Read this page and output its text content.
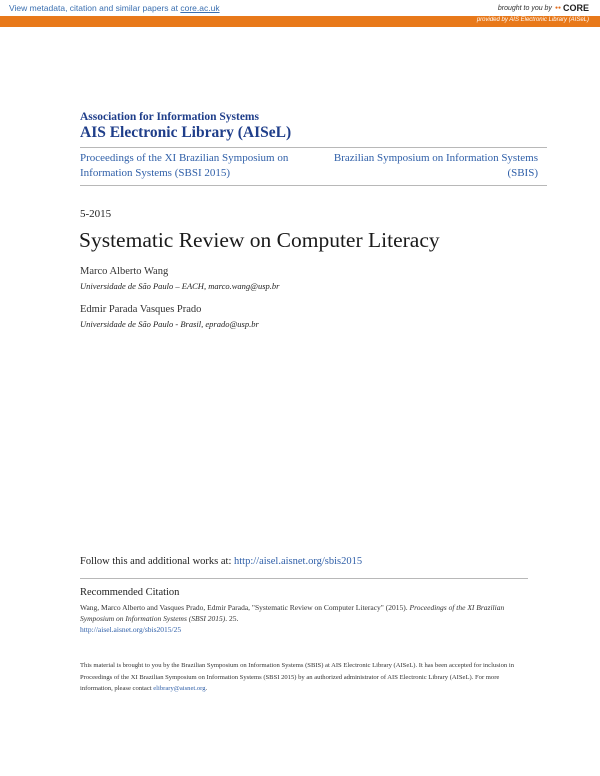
View metadata, citation and similar papers at core.ac.uk	brought to you by ●● CORE
provided by AIS Electronic Library (AISeL)
Association for Information Systems
AIS Electronic Library (AISeL)
Proceedings of the XI Brazilian Symposium on Information Systems (SBSI 2015)
Brazilian Symposium on Information Systems (SBIS)
5-2015
Systematic Review on Computer Literacy
Marco Alberto Wang
Universidade de São Paulo – EACH, marco.wang@usp.br
Edmir Parada Vasques Prado
Universidade de São Paulo - Brasil, eprado@usp.br
Follow this and additional works at: http://aisel.aisnet.org/sbis2015
Recommended Citation
Wang, Marco Alberto and Vasques Prado, Edmir Parada, "Systematic Review on Computer Literacy" (2015). Proceedings of the XI Brazilian Symposium on Information Systems (SBSI 2015). 25.
http://aisel.aisnet.org/sbis2015/25
This material is brought to you by the Brazilian Symposium on Information Systems (SBIS) at AIS Electronic Library (AISeL). It has been accepted for inclusion in Proceedings of the XI Brazilian Symposium on Information Systems (SBSI 2015) by an authorized administrator of AIS Electronic Library (AISeL). For more information, please contact elibrary@aisnet.org.
